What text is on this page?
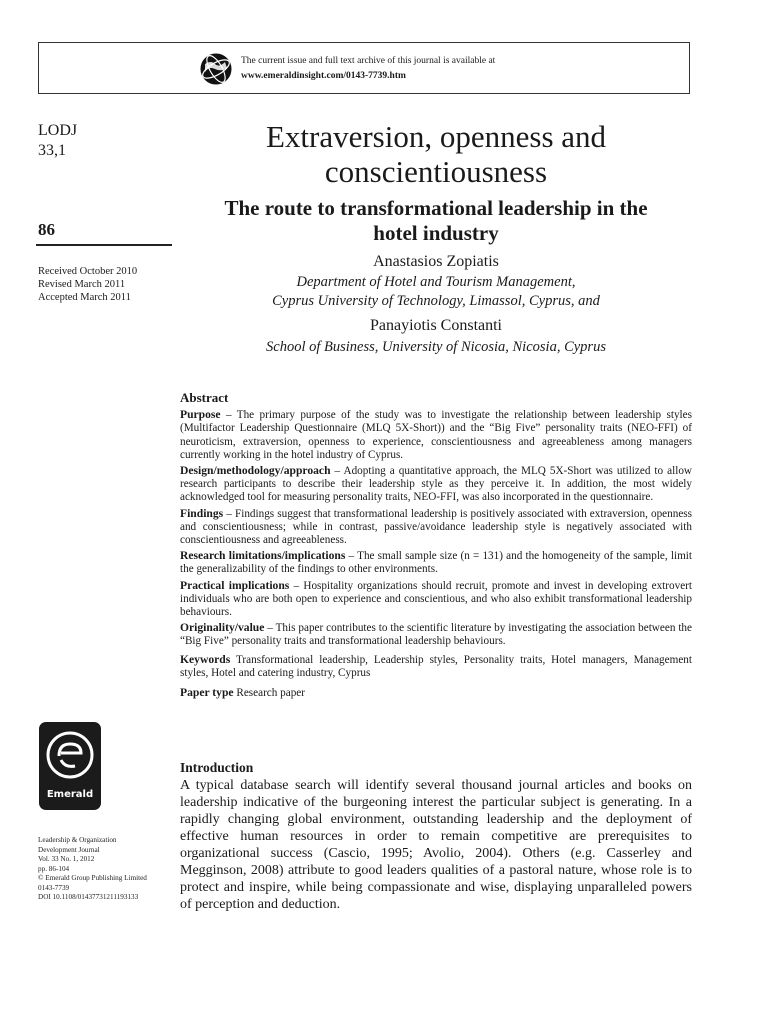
The current issue and full text archive of this journal is available at
www.emeraldinsight.com/0143-7739.htm
LODJ
33,1
86
Received October 2010
Revised March 2011
Accepted March 2011
Emerald
Leadership & Organization
Development Journal
Vol. 33 No. 1, 2012
pp. 86-104
© Emerald Group Publishing Limited
0143-7739
DOI 10.1108/01437731211193133
Extraversion, openness and
conscientiousness
The route to transformational leadership in the
hotel industry
Anastasios Zopiatis
Department of Hotel and Tourism Management,
Cyprus University of Technology, Limassol, Cyprus, and
Panayiotis Constanti
School of Business, University of Nicosia, Nicosia, Cyprus
Abstract
Purpose – The primary purpose of the study was to investigate the relationship between leadership styles (Multifactor Leadership Questionnaire (MLQ 5X-Short)) and the “Big Five” personality traits (NEO-FFI) of neuroticism, extraversion, openness to experience, conscientiousness and agreeableness among managers currently working in the hotel industry of Cyprus.
Design/methodology/approach – Adopting a quantitative approach, the MLQ 5X-Short was utilized to allow research participants to describe their leadership style as they perceive it. In addition, the most widely acknowledged tool for measuring personality traits, NEO-FFI, was also incorporated in the questionnaire.
Findings – Findings suggest that transformational leadership is positively associated with extraversion, openness and conscientiousness; while in contrast, passive/avoidance leadership style is negatively associated with conscientiousness and agreeableness.
Research limitations/implications – The small sample size (n = 131) and the homogeneity of the sample, limit the generalizability of the findings to other environments.
Practical implications – Hospitality organizations should recruit, promote and invest in developing extrovert individuals who are both open to experience and conscientious, and who also exhibit transformational leadership behaviours.
Originality/value – This paper contributes to the scientific literature by investigating the association between the “Big Five” personality traits and transformational leadership behaviours.
Keywords Transformational leadership, Leadership styles, Personality traits, Hotel managers, Management styles, Hotel and catering industry, Cyprus
Paper type Research paper
Introduction

A typical database search will identify several thousand journal articles and books on leadership indicative of the burgeoning interest the particular subject is generating. In a rapidly changing global environment, outstanding leadership and the deployment of effective human resources in order to remain competitive are prerequisites to organizational success (Cascio, 1995; Avolio, 2004). Others (e.g. Casserley and Megginson, 2008) attribute to good leaders qualities of a pastoral nature, whose role is to protect and inspire, while being compassionate and wise, displaying unparalleled powers of perception and deduction.
